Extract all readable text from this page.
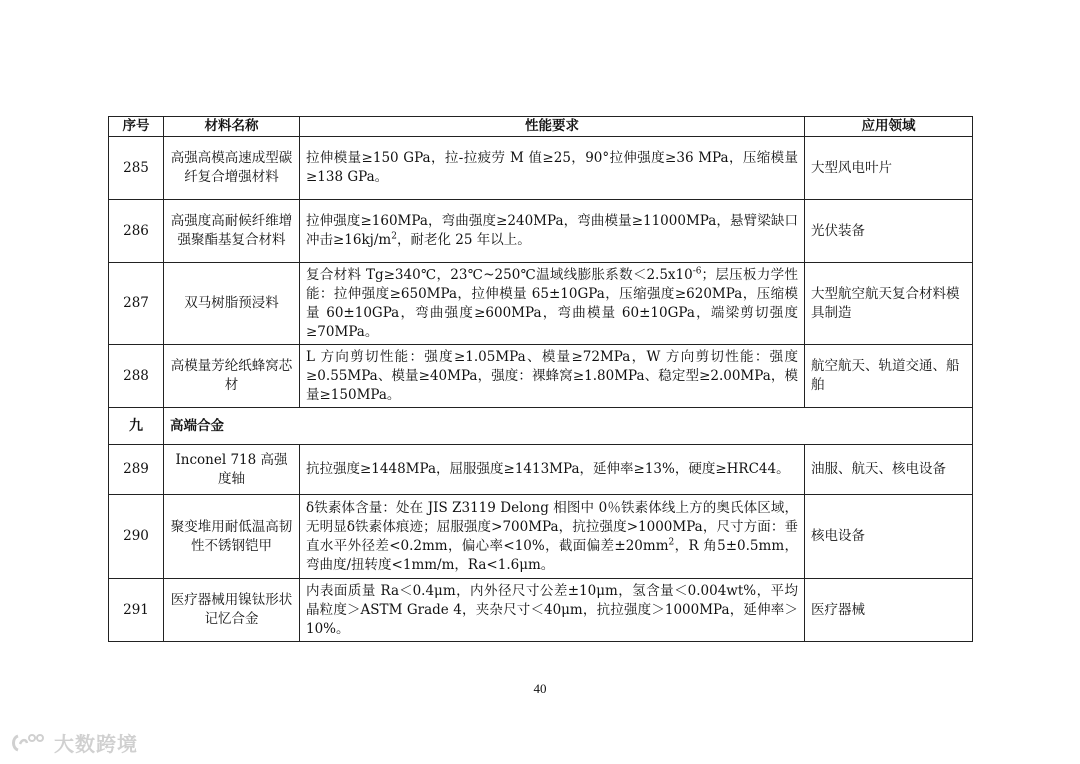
序号	材料名称	性能要求	应用领域
285	高强高模高速成型碳纤复合增强材料	拉伸模量≥150 GPa，拉-拉疲劳 M 值≥25，90°拉伸强度≥36 MPa，压缩模量≥138 GPa。	大型风电叶片
286	高强度高耐候纤维增强聚酯基复合材料	拉伸强度≥160MPa，弯曲强度≥240MPa，弯曲模量≥11000MPa，悬臂梁缺口冲击$\ge 16kj/m^2$，耐老化 25 年以上。	光伏装备
287	双马树脂预浸料	复合材料 Tg≥340℃，23℃~250℃温域线膨胀系数$<2.5x10^{-6}$；层压板力学性能：拉伸强度≥650MPa，拉伸模量 65±10GPa，压缩强度≥620MPa，压缩模量 60±10GPa，弯曲强度≥600MPa，弯曲模量 60±10GPa，端梁剪切强度≥70MPa。	大型航空航天复合材料模具制造
288	高模量芳纶纸蜂窝芯材	L 方向剪切性能：强度≥1.05MPa、模量≥72MPa，W 方向剪切性能：强度≥0.55MPa、模量≥40MPa，强度：裸蜂窝≥1.80MPa、稳定型≥2.00MPa，模量≥150MPa。	航空航天、轨道交通、船舶
九	高端合金		
289	Inconel 718 高强度轴	抗拉强度≥1448MPa，屈服强度≥1413MPa，延伸率≥13%，硬度≥HRC44。	油服、航天、核电设备
290	聚变堆用耐低温高韧性不锈钢铠甲	δ铁素体含量：处在 JIS Z3119 Delong 相图中 0％铁素体线上方的奥氏体区域，无明显δ铁素体痕迹；屈服强度>700MPa，抗拉强度>1000MPa，尺寸方面：垂直水平外径差<0.2mm，偏心率<10%，截面偏差$\pm 20mm^2$，R 角5±0.5mm，弯曲度/扭转度<1mm/m，Ra<1.6μm。	核电设备
291	医疗器械用镍钛形状记忆合金	内表面质量 Ra＜0.4μm，内外径尺寸公差±10μm，氢含量＜0.004wt%，平均晶粒度＞ASTM Grade 4，夹杂尺寸＜40μm，抗拉强度＞1000MPa，延伸率＞10%。	医疗器械
40
大数跨境
